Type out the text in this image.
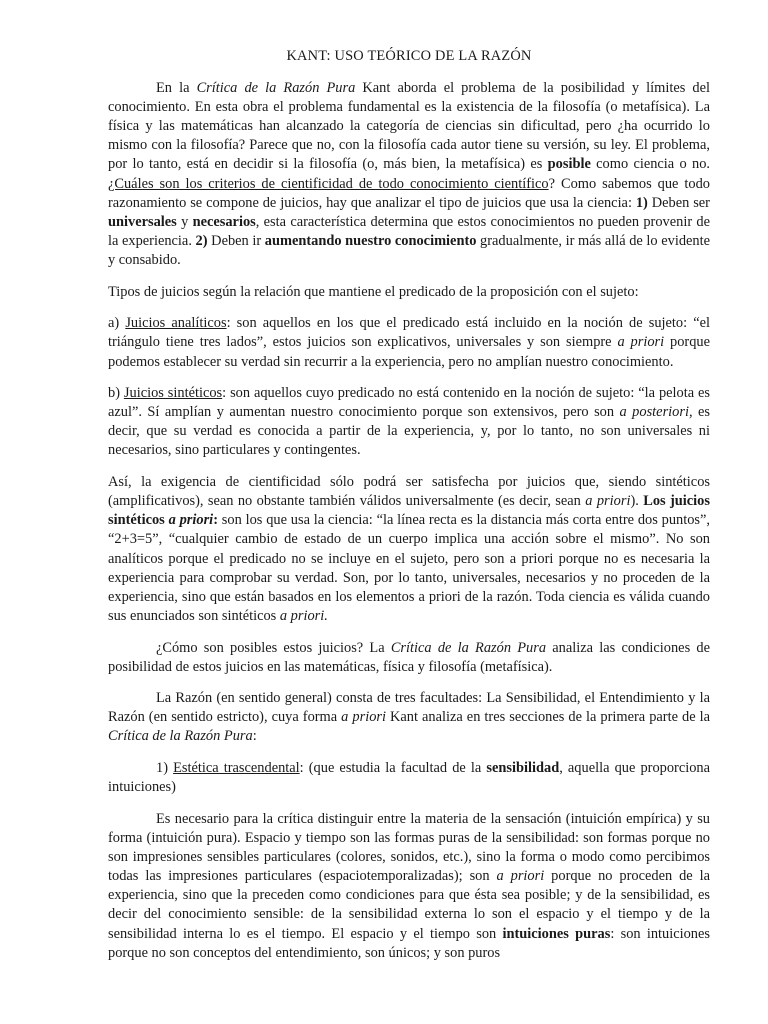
KANT: USO TEÓRICO DE LA RAZÓN

En la Crítica de la Razón Pura Kant aborda el problema de la posibilidad y límites del conocimiento. En esta obra el problema fundamental es la existencia de la filosofía (o metafísica). La física y las matemáticas han alcanzado la categoría de ciencias sin dificultad, pero ¿ha ocurrido lo mismo con la filosofía? Parece que no, con la filosofía cada autor tiene su versión, su ley. El problema, por lo tanto, está en decidir si la filosofía (o, más bien, la metafísica) es posible como ciencia o no. ¿Cuáles son los criterios de cientificidad de todo conocimiento científico? Como sabemos que todo razonamiento se compone de juicios, hay que analizar el tipo de juicios que usa la ciencia: 1) Deben ser universales y necesarios, esta característica determina que estos conocimientos no pueden provenir de la experiencia. 2) Deben ir aumentando nuestro conocimiento gradualmente, ir más allá de lo evidente y consabido.

Tipos de juicios según la relación que mantiene el predicado de la proposición con el sujeto:

a) Juicios analíticos: son aquellos en los que el predicado está incluido en la noción de sujeto: “el triángulo tiene tres lados”, estos juicios son explicativos, universales y son siempre a priori porque podemos establecer su verdad sin recurrir a la experiencia, pero no amplían nuestro conocimiento.

b) Juicios sintéticos: son aquellos cuyo predicado no está contenido en la noción de sujeto: “la pelota es azul”. Sí amplían y aumentan nuestro conocimiento porque son extensivos, pero son a posteriori, es decir, que su verdad es conocida a partir de la experiencia, y, por lo tanto, no son universales ni necesarios, sino particulares y contingentes.

Así, la exigencia de cientificidad sólo podrá ser satisfecha por juicios que, siendo sintéticos (amplificativos), sean no obstante también válidos universalmente (es decir, sean a priori). Los juicios sintéticos a priori: son los que usa la ciencia: “la línea recta es la distancia más corta entre dos puntos”, “2+3=5”, “cualquier cambio de estado de un cuerpo implica una acción sobre el mismo”. No son analíticos porque el predicado no se incluye en el sujeto, pero son a priori porque no es necesaria la experiencia para comprobar su verdad. Son, por lo tanto, universales, necesarios y no proceden de la experiencia, sino que están basados en los elementos a priori de la razón. Toda ciencia es válida cuando sus enunciados son sintéticos a priori.

¿Cómo son posibles estos juicios? La Crítica de la Razón Pura analiza las condiciones de posibilidad de estos juicios en las matemáticas, física y filosofía (metafísica).

La Razón (en sentido general) consta de tres facultades: La Sensibilidad, el Entendimiento y la Razón (en sentido estricto), cuya forma a priori Kant analiza en tres secciones de la primera parte de la Crítica de la Razón Pura:

1) Estética trascendental: (que estudia la facultad de la sensibilidad, aquella que proporciona intuiciones)

Es necesario para la crítica distinguir entre la materia de la sensación (intuición empírica) y su forma (intuición pura). Espacio y tiempo son las formas puras de la sensibilidad: son formas porque no son impresiones sensibles particulares (colores, sonidos, etc.), sino la forma o modo como percibimos todas las impresiones particulares (espaciotemporalizadas); son a priori porque no proceden de la experiencia, sino que la preceden como condiciones para que ésta sea posible; y de la sensibilidad, es decir del conocimiento sensible: de la sensibilidad externa lo son el espacio y el tiempo y de la sensibilidad interna lo es el tiempo. El espacio y el tiempo son intuiciones puras: son intuiciones porque no son conceptos del entendimiento, son únicos; y son puros
